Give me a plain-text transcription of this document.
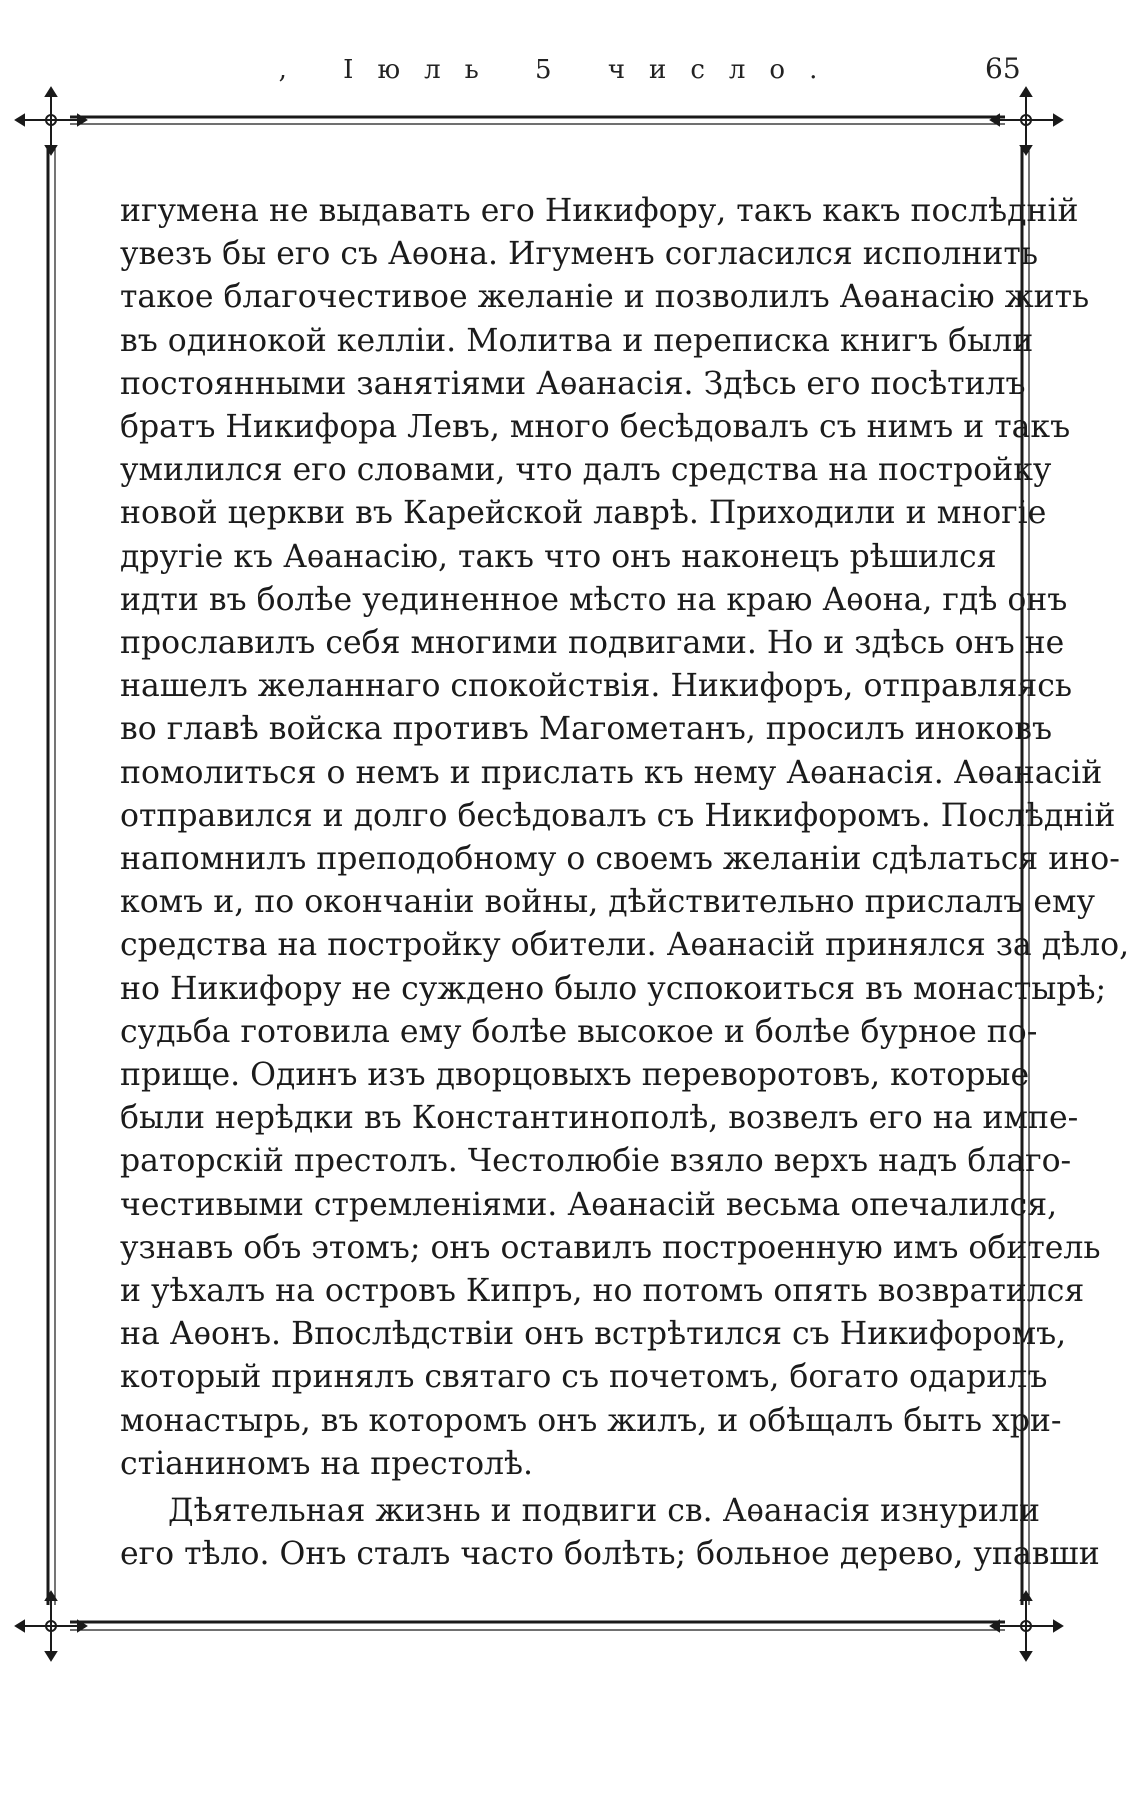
, Іюль 5 число.	65

игумена не выдавать его Никифору, такъ какъ послѣдній
увезъ бы его съ Аѳона. Игуменъ согласился исполнить
такое благочестивое желаніе и позволилъ Аѳанасію жить
въ одинокой келліи. Молитва и переписка книгъ были
постоянными занятіями Аѳанасія. Здѣсь его посѣтилъ
братъ Никифора Левъ, много бесѣдовалъ съ нимъ и такъ
умилился его словами, что далъ средства на постройку
новой церкви въ Карейской лаврѣ. Приходили и многіе
другіе къ Аѳанасію, такъ что онъ наконецъ рѣшился
идти въ болѣе уединенное мѣсто на краю Аѳона, гдѣ онъ
прославилъ себя многими подвигами. Но и здѣсь онъ не
нашелъ желаннаго спокойствія. Никифоръ, отправляясь
во главѣ войска противъ Магометанъ, просилъ иноковъ
помолиться о немъ и прислать къ нему Аѳанасія. Аѳанасій
отправился и долго бесѣдовалъ съ Никифоромъ. Послѣдній
напомнилъ преподобному о своемъ желаніи сдѣлаться ино-
комъ и, по окончаніи войны, дѣйствительно прислалъ ему
средства на постройку обители. Аѳанасій принялся за дѣло,
но Никифору не суждено было успокоиться въ монастырѣ;
судьба готовила ему болѣе высокое и болѣе бурное по-
прище. Одинъ изъ дворцовыхъ переворотовъ, которые
были нерѣдки въ Константинополѣ, возвелъ его на импе-
раторскій престолъ. Честолюбіе взяло верхъ надъ благо-
честивыми стремленіями. Аѳанасій весьма опечалился,
узнавъ объ этомъ; онъ оставилъ построенную имъ обитель
и уѣхалъ на островъ Кипръ, но потомъ опять возвратился
на Аѳонъ. Впослѣдствіи онъ встрѣтился съ Никифоромъ,
который принялъ святаго съ почетомъ, богато одарилъ
монастырь, въ которомъ онъ жилъ, и обѣщалъ быть хри-
стіаниномъ на престолѣ.

Дѣятельная жизнь и подвиги св. Аѳанасія изнурили
его тѣло. Онъ сталъ часто болѣть; больное дерево, упавши
